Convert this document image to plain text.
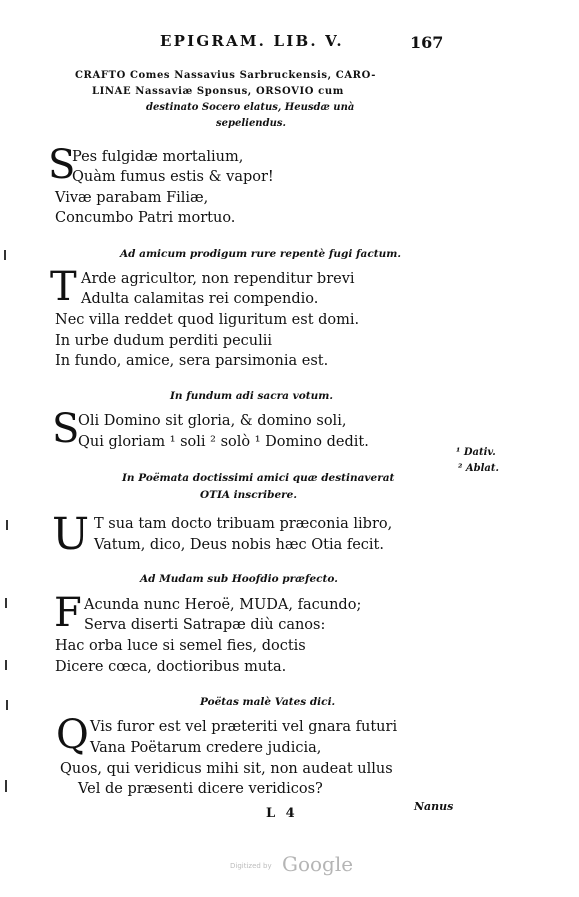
EPIGRAM. LIB. V.	167
CRAFTO Comes Nassavius Sarbruckensis, CARO-
LINAE Nassaviæ Sponsus, ORSOVIO cum
destinato Socero elatus, Heusdæ unà
sepeliendus.
S
Pes fulgidæ mortalium,
Quàm fumus estis & vapor!
Vivæ parabam Filiæ,
Concumbo Patri mortuo.
Ad amicum prodigum rure repentè fugi factum.
T Arde agricultor, non rependitur brevi
Adulta calamitas rei compendio.
Nec villa reddet quod liguritum est domi.
In urbe dudum perditi peculii
In fundo, amice, sera parsimonia est.
In fundum adi sacra votum.
S
Oli Domino sit gloria, & domino soli,
Qui gloriam ¹ soli ² solò ¹ Domino dedit.
¹ Dativ.
² Ablat.
In Poëmata doctissimi amici quæ destinaverat
OTIA inscribere.
U T sua tam docto tribuam præconia libro,
Vatum, dico, Deus nobis hæc Otia fecit.
Ad Mudam sub Hoofdio præfecto.
F Acunda nunc Heroë, MUDA, facundo;
Serva diserti Satrapæ diù canos:
Hac orba luce si semel fies, doctis
Dicere cœca, doctioribus muta.
Poëtas malè Vates dici.
Q Vis furor est vel præteriti vel gnara futuri
Vana Poëtarum credere judicia,
Quos, qui veridicus mihi sit, non audeat ullus
Vel de præsenti dicere veridicos?
L 4	Nanus
Digitized by Google
